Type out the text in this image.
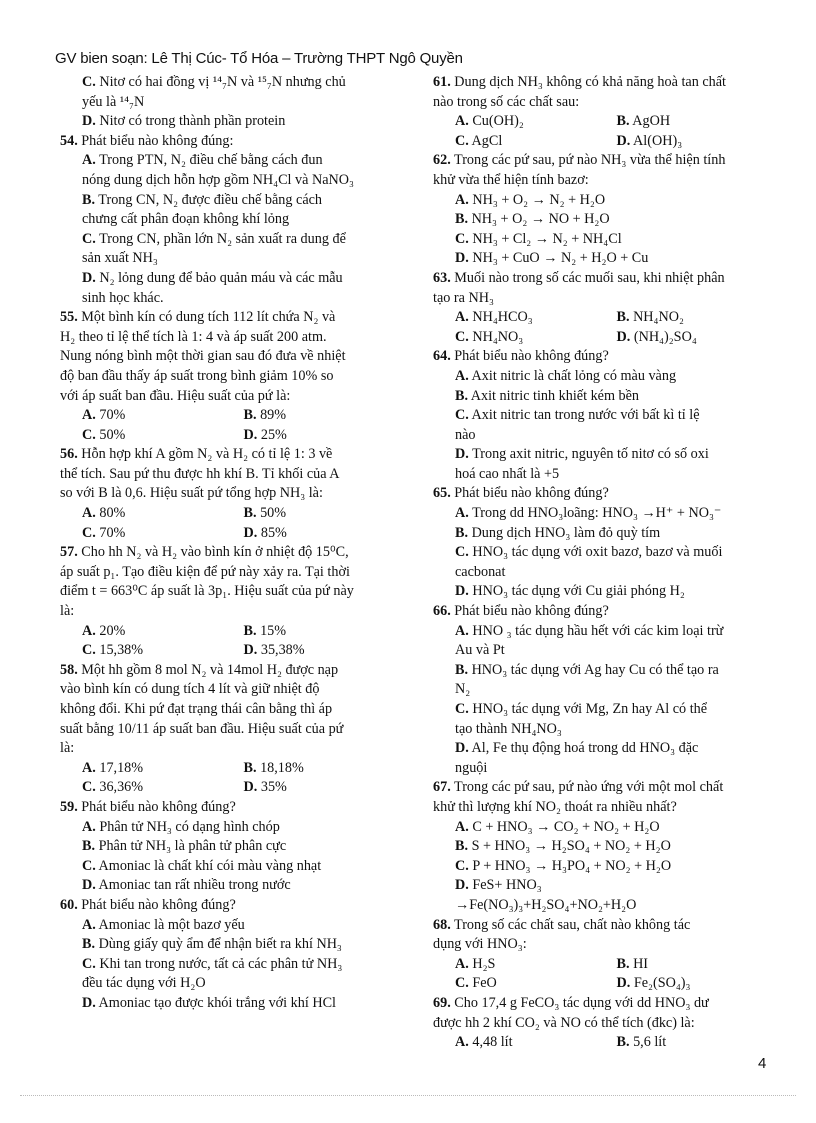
GV bien soạn: Lê Thị Cúc- Tổ Hóa – Trường THPT Ngô Quyền
C. Nitơ có hai đồng vị ¹⁴₇N và ¹⁵₇N nhưng chủ
yếu là ¹⁴₇N
D. Nitơ có trong thành phần protein
54. Phát biểu nào không đúng:
A. Trong PTN, N₂ điều chế bằng cách đun
nóng dung dịch hỗn hợp gồm NH₄Cl và NaNO₃
B. Trong CN, N₂ được điều chế bằng cách
chưng cất phân đoạn không khí lỏng
C. Trong CN, phần lớn N₂ sản xuất ra dung để
sản xuất NH₃
D. N₂ lỏng dung để bảo quản máu và các mẫu
sinh học khác.
55. Một bình kín có dung tích 112 lít chứa N₂ và
H₂ theo tỉ lệ thể tích là 1: 4 và áp suất 200 atm.
Nung nóng bình một thời gian sau đó đưa về nhiệt
độ ban đầu thấy áp suất trong bình giảm 10% so
với áp suất ban đầu. Hiệu suất của pứ là:
A. 70%	B. 89%
C. 50%	D. 25%
56. Hỗn hợp khí A gồm N₂ và H₂ có tỉ lệ 1: 3 về
thể tích. Sau pứ thu được hh khí B. Tỉ khối của A
so với B là 0,6. Hiệu suất pứ tổng hợp NH₃ là:
A. 80%	B. 50%
C. 70%	D. 85%
57. Cho hh N₂ và H₂ vào bình kín ở nhiệt độ 15⁰C,
áp suất p₁. Tạo điều kiện để pứ này xảy ra. Tại thời
điểm t = 663⁰C áp suất là 3p₁. Hiệu suất của pứ này
là:
A. 20%	B. 15%
C. 15,38%	D. 35,38%
58. Một hh gồm 8 mol N₂ và 14mol H₂ được nạp
vào bình kín có dung tích 4 lít và giữ nhiệt độ
không đổi. Khi pứ đạt trạng thái cân bằng thì áp
suất bằng 10/11 áp suất ban đầu. Hiệu suất của pứ
là:
A. 17,18%	B. 18,18%
C. 36,36%	D. 35%
59. Phát biểu nào không đúng?
A. Phân tử NH₃ có dạng hình chóp
B. Phân tử NH₃ là phân tử phân cực
C. Amoniac là chất khí cói màu vàng nhạt
D. Amoniac tan rất nhiều trong nước
60. Phát biểu nào không đúng?
A. Amoniac là một bazơ yếu
B. Dùng giấy quỳ ẩm để nhận biết ra khí NH₃
C. Khi tan trong nước, tất cả các phân tử NH₃
đều tác dụng với H₂O
D. Amoniac tạo được khói trắng với khí HCl
61. Dung dịch NH₃ không có khả năng hoà tan chất
nào trong số các chất sau:
A. Cu(OH)₂	B. AgOH
C. AgCl	D. Al(OH)₃
62. Trong các pứ sau, pứ nào NH₃ vừa thể hiện tính
khử vừa thể hiện tính bazơ:
A. NH₃ + O₂ → N₂ + H₂O
B. NH₃ + O₂ → NO + H₂O
C. NH₃ + Cl₂ → N₂ + NH₄Cl
D. NH₃ + CuO → N₂ + H₂O + Cu
63. Muối nào trong số các muối sau, khi nhiệt phân
tạo ra NH₃
A. NH₄HCO₃	B. NH₄NO₂
C. NH₄NO₃	D. (NH₄)₂SO₄
64. Phát biểu nào không đúng?
A. Axit nitric là chất lỏng có màu vàng
B. Axit nitric tinh khiết kém bền
C. Axit nitric tan trong nước với bất kì tỉ lệ
nào
D. Trong axit nitric, nguyên tố nitơ có số oxi
hoá cao nhất là +5
65. Phát biểu nào không đúng?
A. Trong dd HNO₃loãng: HNO₃ →H⁺ + NO₃⁻
B. Dung dịch HNO₃ làm đỏ quỳ tím
C. HNO₃ tác dụng với oxit bazơ, bazơ và muối
cacbonat
D. HNO₃ tác dụng với Cu giải phóng H₂
66. Phát biểu nào không đúng?
A. HNO ₃ tác dụng hầu hết với các kim loại trừ
Au và Pt
B. HNO₃ tác dụng với Ag hay Cu có thể tạo ra
N₂
C. HNO₃ tác dụng với Mg, Zn hay Al có thể
tạo thành NH₄NO₃
D. Al, Fe thụ động hoá trong dd HNO₃ đặc
nguội
67. Trong các pứ sau, pứ nào ứng với một mol chất
khử thì lượng khí NO₂ thoát ra nhiều nhất?
A. C + HNO₃ → CO₂ + NO₂ + H₂O
B. S + HNO₃ → H₂SO₄ + NO₂ + H₂O
C. P + HNO₃ → H₃PO₄ + NO₂ + H₂O
D. FeS+ HNO₃
→Fe(NO₃)₃+H₂SO₄+NO₂+H₂O
68. Trong số các chất sau, chất nào không tác
dụng với HNO₃:
A. H₂S	B. HI
C. FeO	D. Fe₂(SO₄)₃
69. Cho 17,4 g FeCO₃ tác dụng với dd HNO₃ dư
được hh 2 khí CO₂ và NO có thể tích (đkc) là:
A. 4,48 lít	B. 5,6 lít
4
